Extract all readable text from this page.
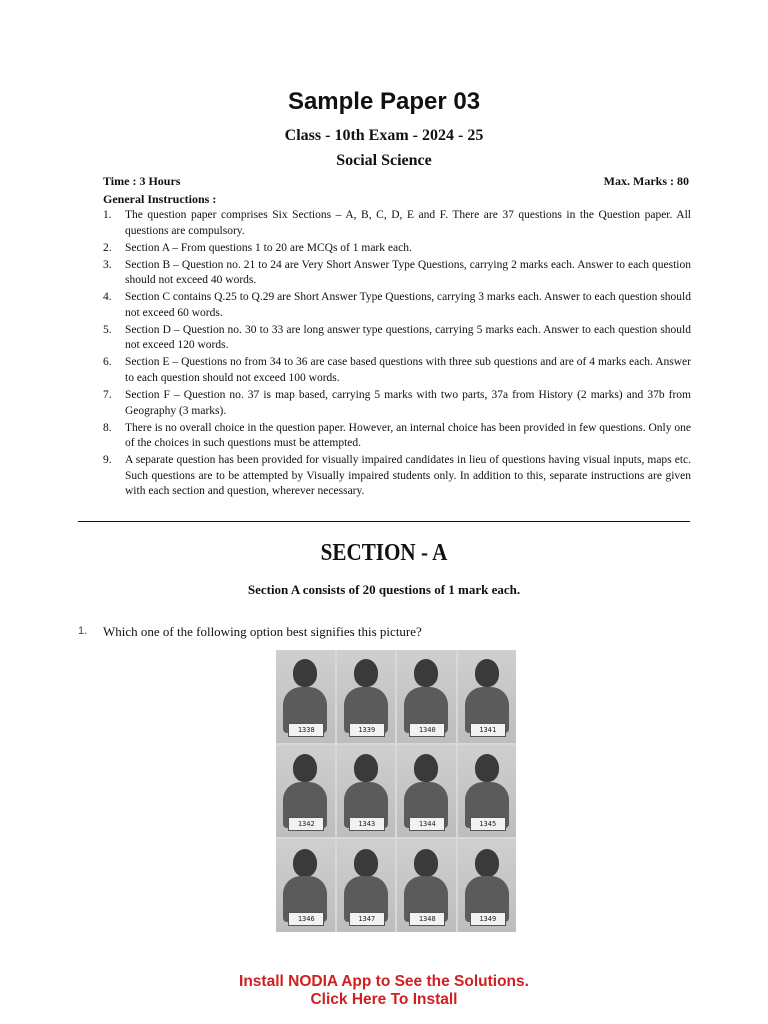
Sample Paper 03
Class - 10th Exam - 2024 - 25
Social Science
Time : 3 Hours	Max. Marks : 80
General Instructions :
1. The question paper comprises Six Sections – A, B, C, D, E and F. There are 37 questions in the Question paper. All questions are compulsory.
2. Section A – From questions 1 to 20 are MCQs of 1 mark each.
3. Section B – Question no. 21 to 24 are Very Short Answer Type Questions, carrying 2 marks each. Answer to each question should not exceed 40 words.
4. Section C contains Q.25 to Q.29 are Short Answer Type Questions, carrying 3 marks each. Answer to each question should not exceed 60 words.
5. Section D – Question no. 30 to 33 are long answer type questions, carrying 5 marks each. Answer to each question should not exceed 120 words.
6. Section E – Questions no from 34 to 36 are case based questions with three sub questions and are of 4 marks each. Answer to each question should not exceed 100 words.
7. Section F – Question no. 37 is map based, carrying 5 marks with two parts, 37a from History (2 marks) and 37b from Geography (3 marks).
8. There is no overall choice in the question paper. However, an internal choice has been provided in few questions. Only one of the choices in such questions must be attempted.
9. A separate question has been provided for visually impaired candidates in lieu of questions having visual inputs, maps etc. Such questions are to be attempted by Visually impaired students only. In addition to this, separate instructions are given with each section and question, wherever necessary.
SECTION - A
Section A consists of 20 questions of 1 mark each.
1. Which one of the following option best signifies this picture?
1338	1339	1340	1341
1342	1343	1344	1345
1346	1347	1348	1349
Install NODIA App to See the Solutions.
Click Here To Install
